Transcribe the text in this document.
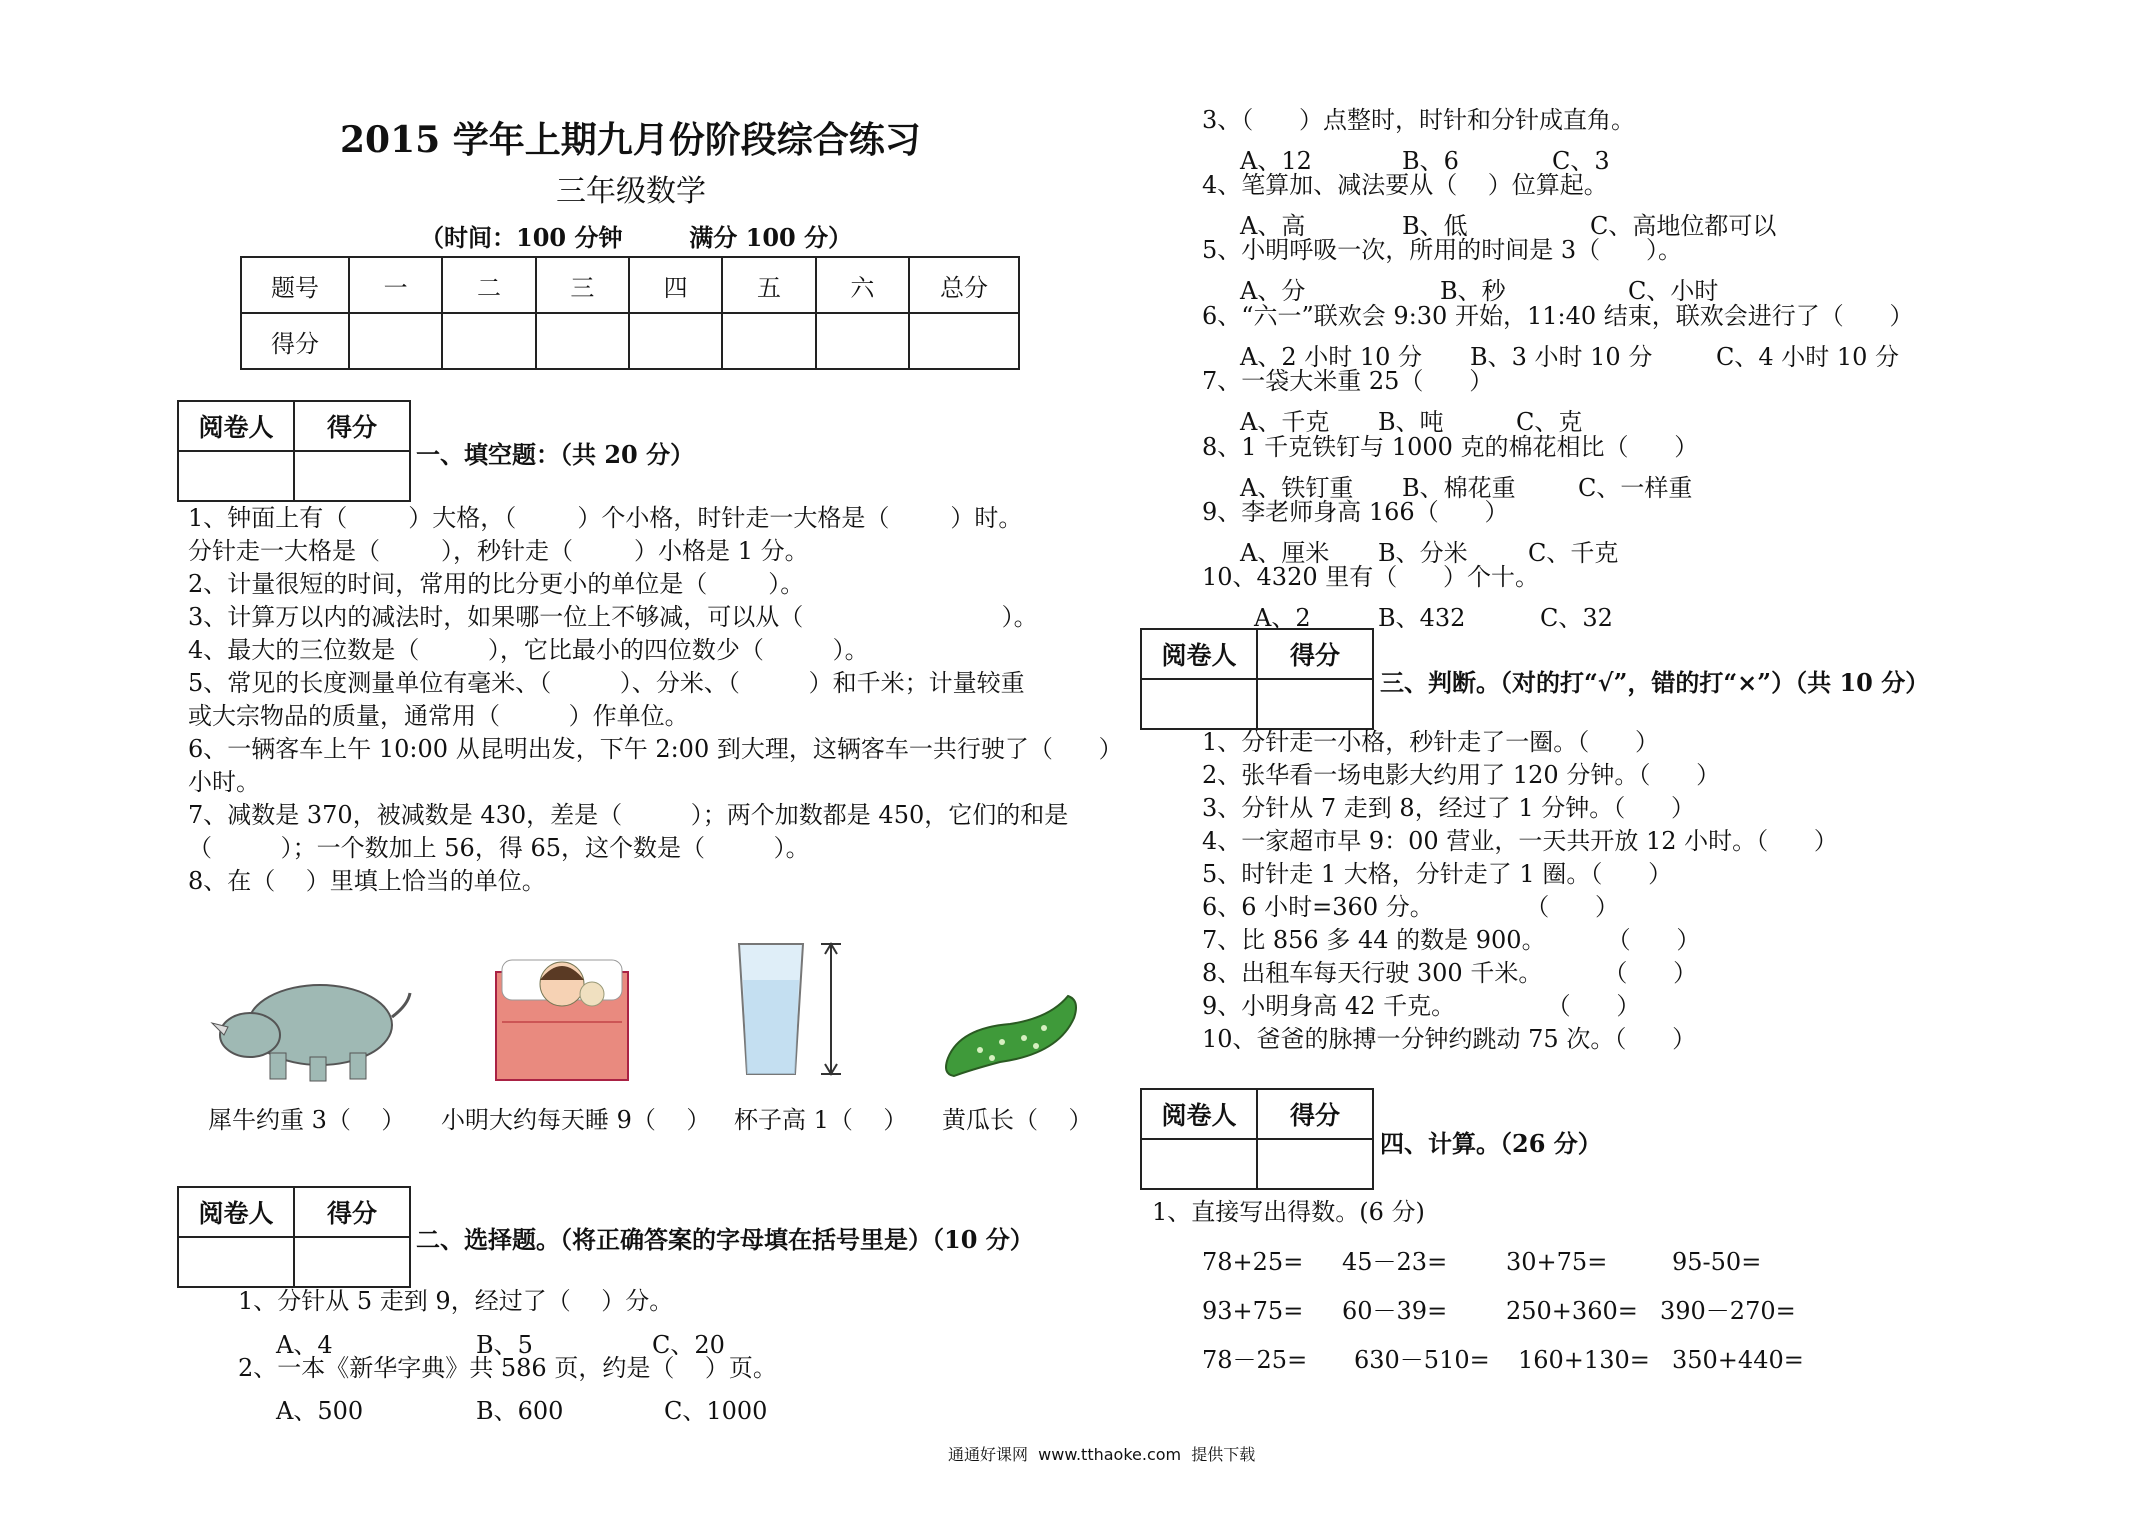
2015 学年上期九月份阶段综合练习
三年级数学
（时间：100 分钟        满分 100 分）
题号	一	二	三	四	五	六	总分
得分							
阅卷人	得分

一、填空题：（共 20 分）
1、钟面上有（        ）大格，（        ）个小格，时针走一大格是（        ）时。
分针走一大格是（        ），秒针走（        ）小格是 1 分。
2、计量很短的时间，常用的比分更小的单位是（        ）。
3、计算万以内的减法时，如果哪一位上不够减，可以从（                          ）。
4、最大的三位数是（         ），它比最小的四位数少（         ）。
5、常见的长度测量单位有毫米、（         ）、分米、（         ）和千米；计量较重
或大宗物品的质量，通常用（         ）作单位。
6、一辆客车上午 10:00 从昆明出发，下午 2:00 到大理，这辆客车一共行驶了（      ）
小时。
7、减数是 370，被减数是 430，差是（         ）；两个加数都是 450，它们的和是
（         ）；一个数加上 56，得 65，这个数是（         ）。
8、在（    ）里填上恰当的单位。
犀牛约重 3（    ） 小明大约每天睡 9（    ） 杯子高 1（    ） 黄瓜长（    ）
阅卷人	得分

二、选择题。（将正确答案的字母填在括号里是）（10 分）
1、分针从 5 走到 9，经过了（    ）分。
A、4	B、5	C、20
2、一本《新华字典》共 586 页，约是（    ）页。
A、500	B、600	C、1000
3、（      ）点整时，时针和分针成直角。
A、12	B、6	C、3
4、笔算加、减法要从（    ）位算起。
A、高	B、低	C、高地位都可以
5、小明呼吸一次，所用的时间是 3（      ）。
A、分	B、秒	C、小时
6、“六一”联欢会 9:30 开始，11:40 结束，联欢会进行了（      ）
A、2 小时 10 分 B、3 小时 10 分	C、4 小时 10 分
7、一袋大米重 25（      ）
A、千克 B、吨	C、克
8、1 千克铁钉与 1000 克的棉花相比（      ）
A、铁钉重 B、棉花重	C、一样重
9、李老师身高 166（      ）
A、厘米 B、分米	C、千克
10、4320 里有（      ）个十。
A、2	B、432	C、32
阅卷人	得分

三、判断。（对的打“√”，错的打“×”）（共 10 分）
1、分针走一小格，秒针走了一圈。（      ）
2、张华看一场电影大约用了 120 分钟。（      ）
3、分针从 7 走到 8，经过了 1 分钟。（      ）
4、一家超市早 9：00 营业，一天共开放 12 小时。（      ）
5、时针走 1 大格，分针走了 1 圈。（      ）
6、6 小时=360 分。            （      ）
7、比 856 多 44 的数是 900。        （      ）
8、出租车每天行驶 300 千米。        （      ）
9、小明身高 42 千克。            （      ）
10、爸爸的脉搏一分钟约跳动 75 次。（      ）
阅卷人	得分

四、计算。（26 分）
1、直接写出得数。(6 分)
78+25= 45－23= 30+75=	95-50=
93+75= 60－39= 250+360= 390－270=
78－25= 630－510= 160+130= 350+440=
通通好课网  www.tthaoke.com  提供下载
